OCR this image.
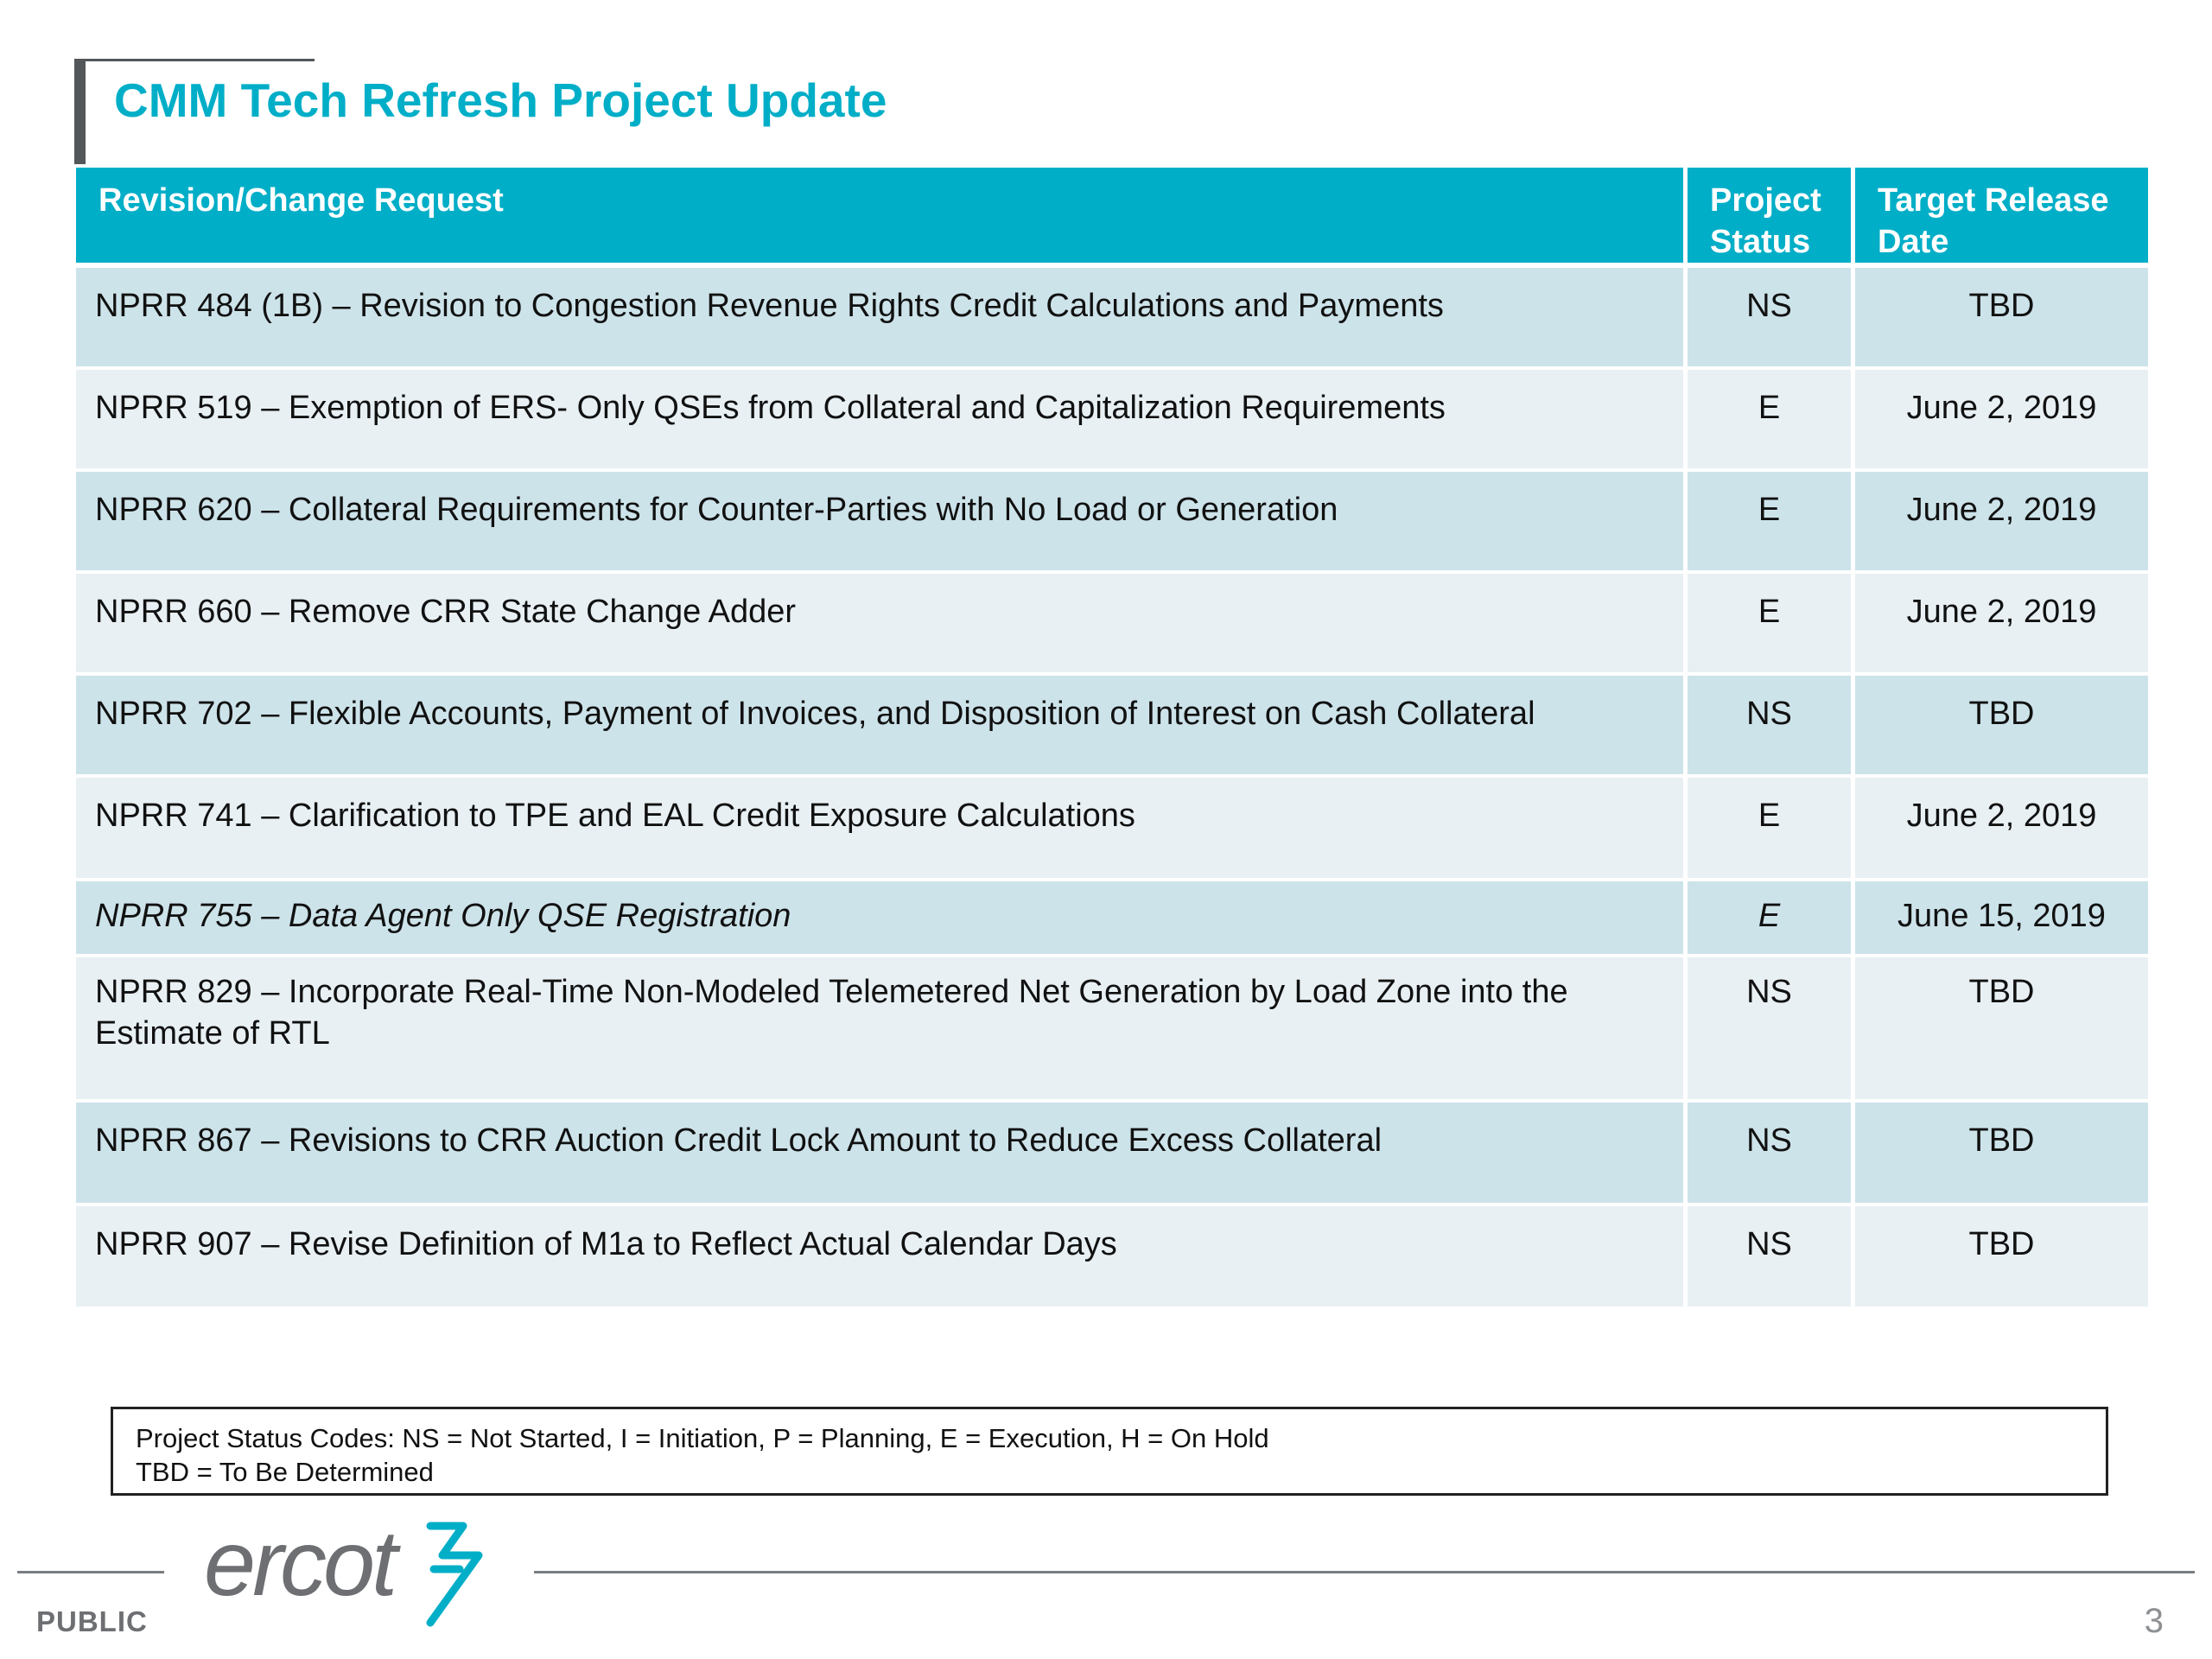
CMM Tech Refresh Project Update
Revision/Change Request	Project Status	Target Release Date
NPRR 484 (1B) – Revision to Congestion Revenue Rights Credit Calculations and Payments	NS	TBD
NPRR 519 – Exemption of ERS- Only QSEs from Collateral and Capitalization Requirements	E	June 2, 2019
NPRR 620 – Collateral Requirements for Counter-Parties with No Load or Generation	E	June 2, 2019
NPRR 660 – Remove CRR State Change Adder	E	June 2, 2019
NPRR 702 – Flexible Accounts, Payment of Invoices, and Disposition of Interest on Cash Collateral	NS	TBD
NPRR 741 – Clarification to TPE and EAL Credit Exposure Calculations	E	June 2, 2019
NPRR 755 – Data Agent Only QSE Registration	E	June 15, 2019
NPRR 829 – Incorporate Real-Time Non-Modeled Telemetered Net Generation by Load Zone into the Estimate of RTL	NS	TBD
NPRR 867 – Revisions to CRR Auction Credit Lock Amount to Reduce Excess Collateral	NS	TBD
NPRR 907 – Revise Definition of M1a to Reflect Actual Calendar Days	NS	TBD
Project Status Codes: NS = Not Started, I = Initiation, P = Planning, E = Execution, H = On Hold
TBD = To Be Determined
ercot
PUBLIC	3
